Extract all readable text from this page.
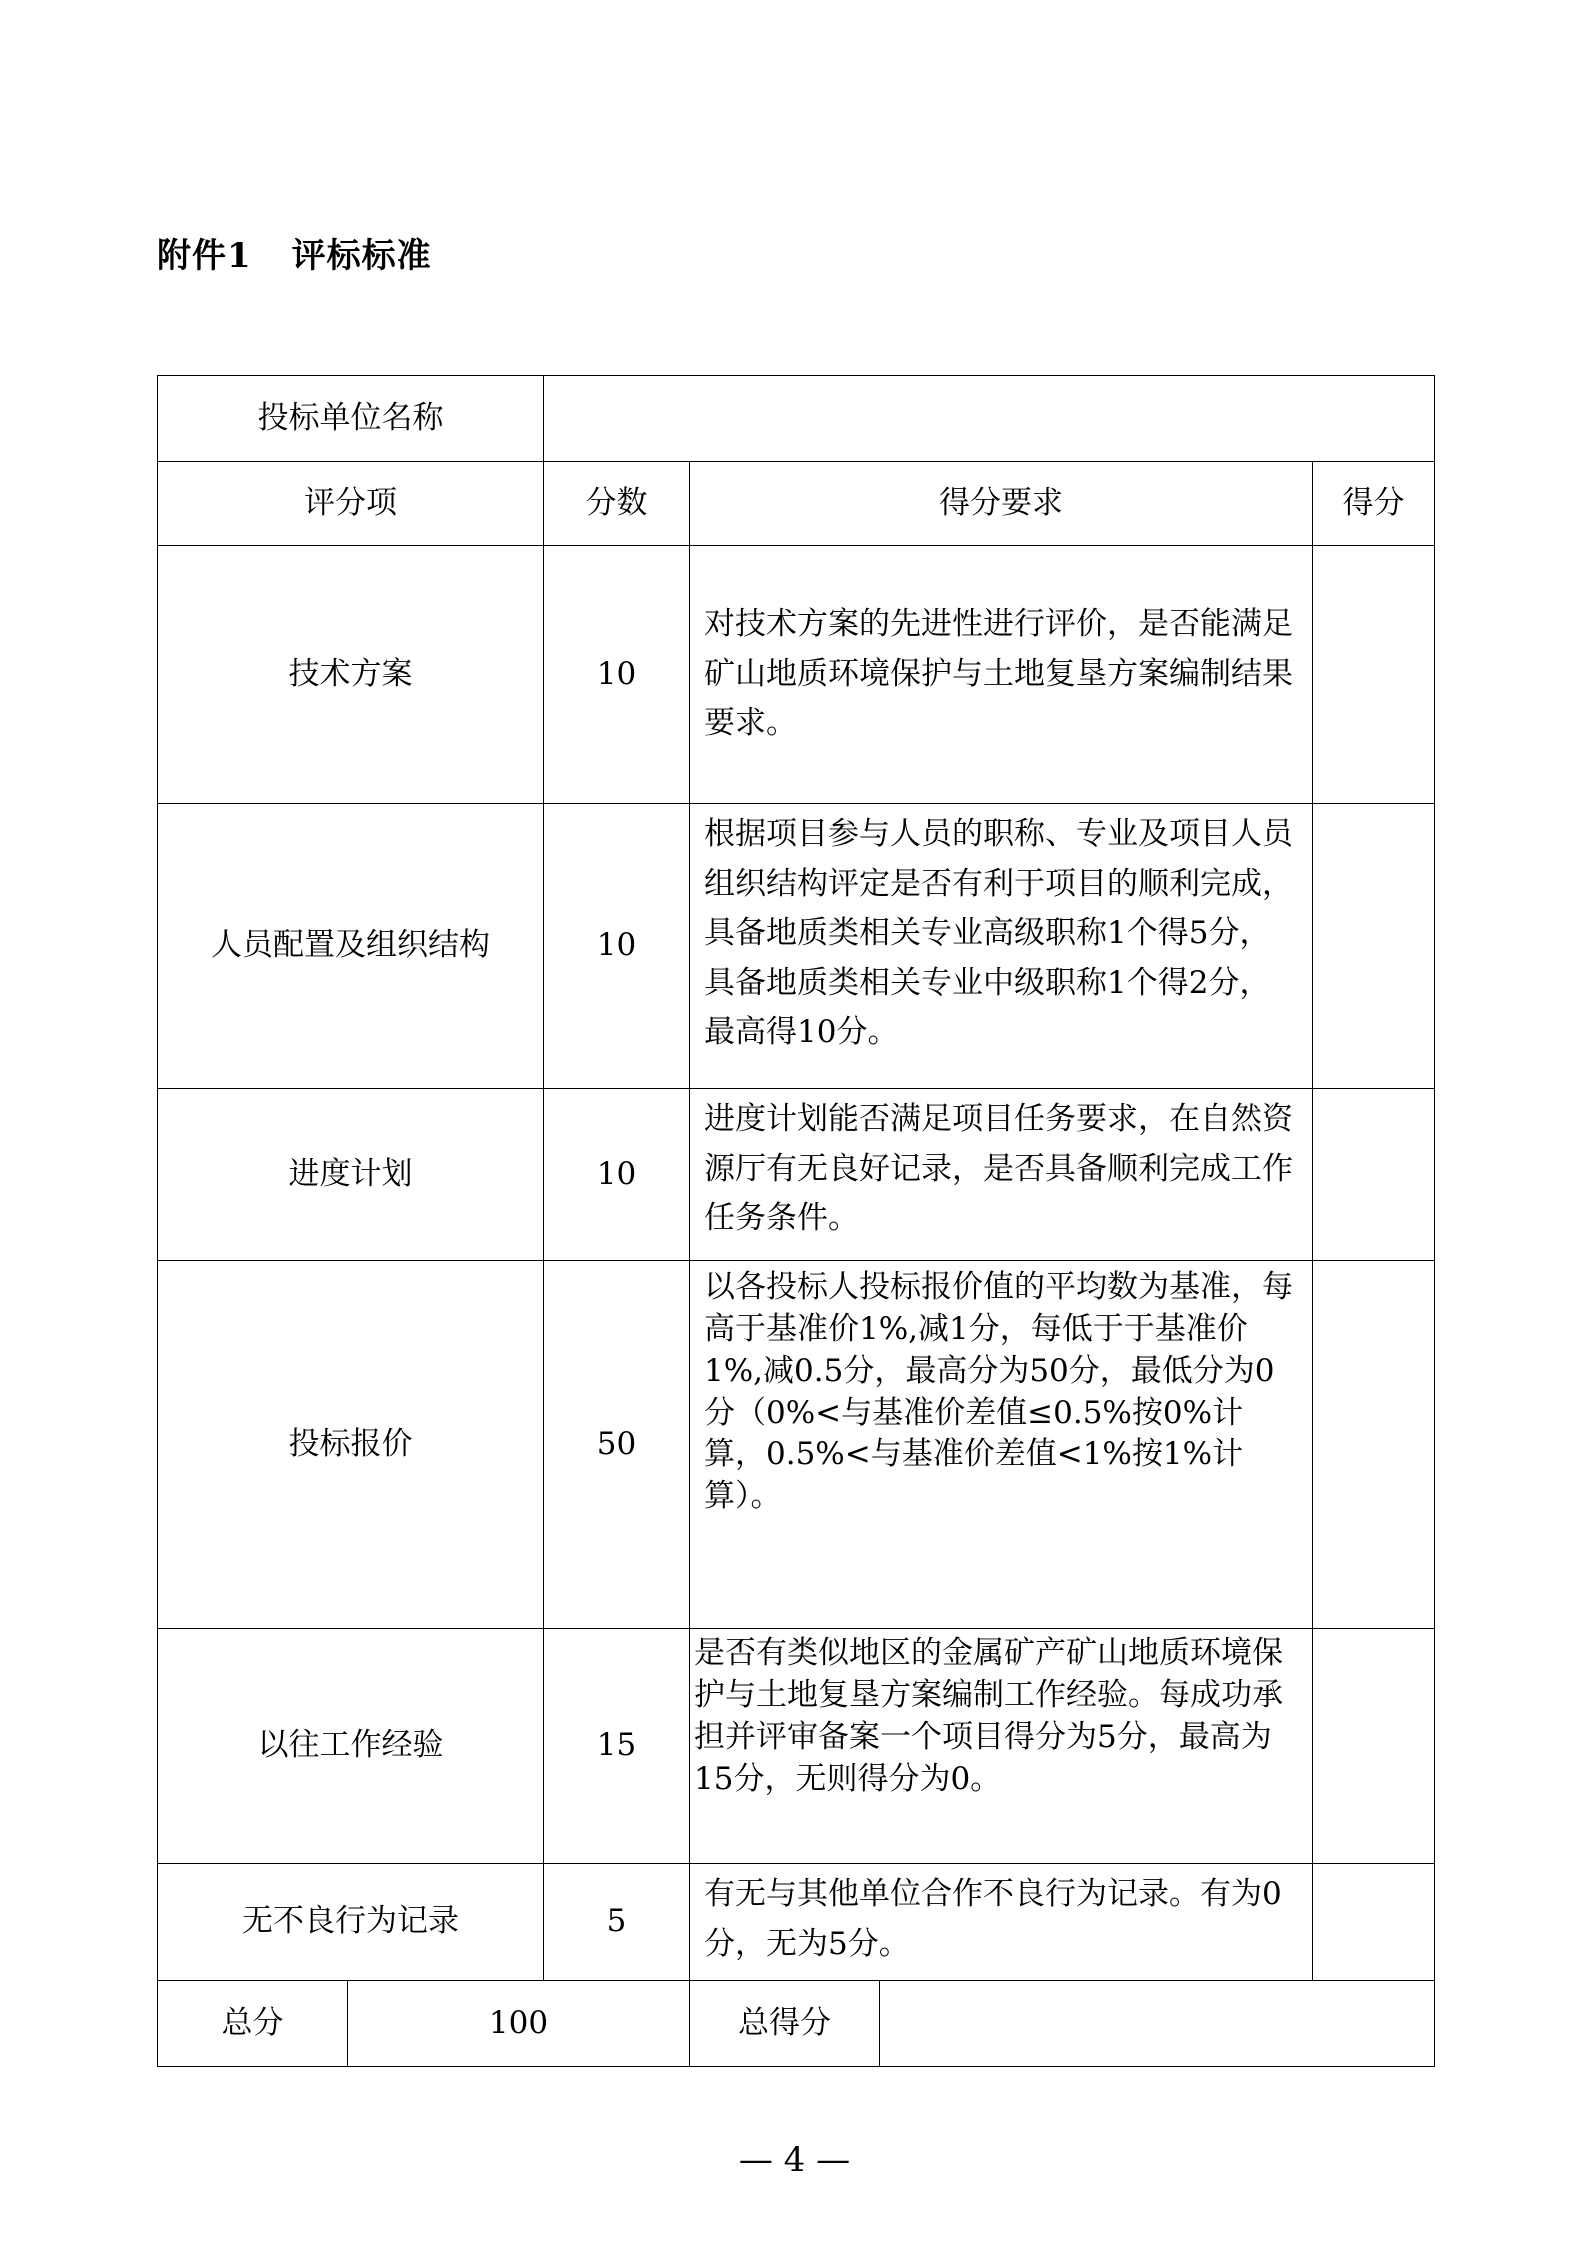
附件1 评标标准
投标单位名称					
评分项		分数	得分要求		得分
技术方案		10	对技术方案的先进性进行评价，是否能满足矿山地质环境保护与土地复垦方案编制结果要求。		
人员配置及组织结构		10	根据项目参与人员的职称、专业及项目人员组织结构评定是否有利于项目的顺利完成，具备地质类相关专业高级职称1个得5分，具备地质类相关专业中级职称1个得2分，最高得10分。		
进度计划		10	进度计划能否满足项目任务要求，在自然资源厅有无良好记录，是否具备顺利完成工作任务条件。		
投标报价		50	以各投标人投标报价值的平均数为基准，每高于基准价1%,减1分，每低于于基准价1%,减0.5分，最高分为50分，最低分为0分（0%<与基准价差值≤0.5%按0%计算，0.5%<与基准价差值<1%按1%计算）。		
以往工作经验		15	是否有类似地区的金属矿产矿山地质环境保护与土地复垦方案编制工作经验。每成功承担并评审备案一个项目得分为5分，最高为15分，无则得分为0。		
无不良行为记录		5	有无与其他单位合作不良行为记录。有为0分，无为5分。		
总分	100		总得分		
— 4 —
